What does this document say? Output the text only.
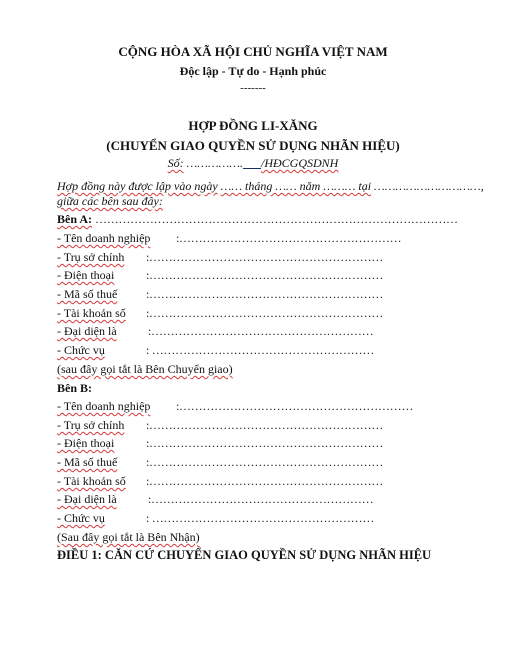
CỘNG HÒA XÃ HỘI CHỦ NGHĨA VIỆT NAM
Độc lập - Tự do - Hạnh phúc
-------
HỢP ĐỒNG LI-XĂNG
(CHUYỂN GIAO QUYỀN SỬ DỤNG NHÃN HIỆU)
Số: …………….___/HĐCGQSDNH
Hợp đồng này được lập vào ngày …… tháng …… năm ……… tại …………………………,
giữa các bên sau đây:
Bên A: …………………………………………………………………………………
- Tên doanh nghiệp :…………………………………………………
- Trụ sở chính :……………………………………………………
- Điện thoại	:……………………………………………………
- Mã số thuế :……………………………………………………
- Tài khoản số :……………………………………………………
- Đại diện là	:…………………………………………………
- Chức vụ	: …………………………………………………
(sau đây gọi tắt là Bên Chuyển giao)
Bên B:
- Tên doanh nghiệp :……………………………………………………
- Trụ sở chính :……………………………………………………
- Điện thoại	:……………………………………………………
- Mã số thuế :……………………………………………………
- Tài khoản số :……………………………………………………
- Đại diện là	:…………………………………………………
- Chức vụ	: …………………………………………………
(Sau đây gọi tắt là Bên Nhận)
ĐIỀU 1: CĂN CỨ CHUYỂN GIAO QUYỀN SỬ DỤNG NHÃN HIỆU
